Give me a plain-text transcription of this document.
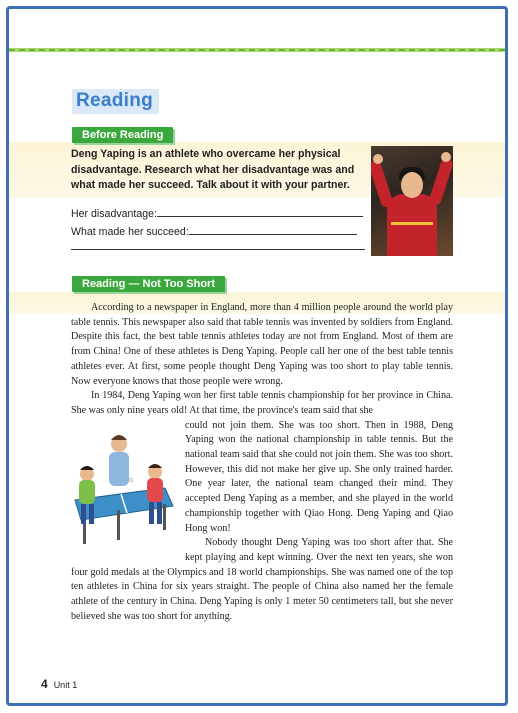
Reading
Before Reading

Deng Yaping is an athlete who overcame her physical disadvantage. Research what her disadvantage was and what made her succeed. Talk about it with your partner.

Her disadvantage:
What made her succeed:
Reading — Not Too Short

According to a newspaper in England, more than 4 million people around the world play table tennis. This newspaper also said that table tennis was invented by soldiers from England. Despite this fact, the best table tennis athletes today are not from England. Most of them are from China! One of these athletes is Deng Yaping. People call her one of the best table tennis athletes ever. At first, some people thought Deng Yaping was too short to play table tennis. Now everyone knows that those people were wrong.

In 1984, Deng Yaping won her first table tennis championship for her province in China. She was only nine years old! At that time, the province's team said that she

could not join them. She was too short. Then in 1988, Deng Yaping won the national championship in table tennis. But the national team said that she could not join them. She was too short. However, this did not make her give up. She only trained harder. One year later, the national team changed their mind. They accepted Deng Yaping as a member, and she played in the world championship together with Qiao Hong. Deng Yaping and Qiao Hong won!

Nobody thought Deng Yaping was too short after that. She kept playing and kept winning. Over the next ten years, she won four gold medals at the Olympics and 18 world championships. She was named one of the top ten athletes in China for six years straight. The people of China also named her the female athlete of the century in China. Deng Yaping is only 1 meter 50 centimeters tall, but she never believed she was too short for anything.

4 Unit 1
